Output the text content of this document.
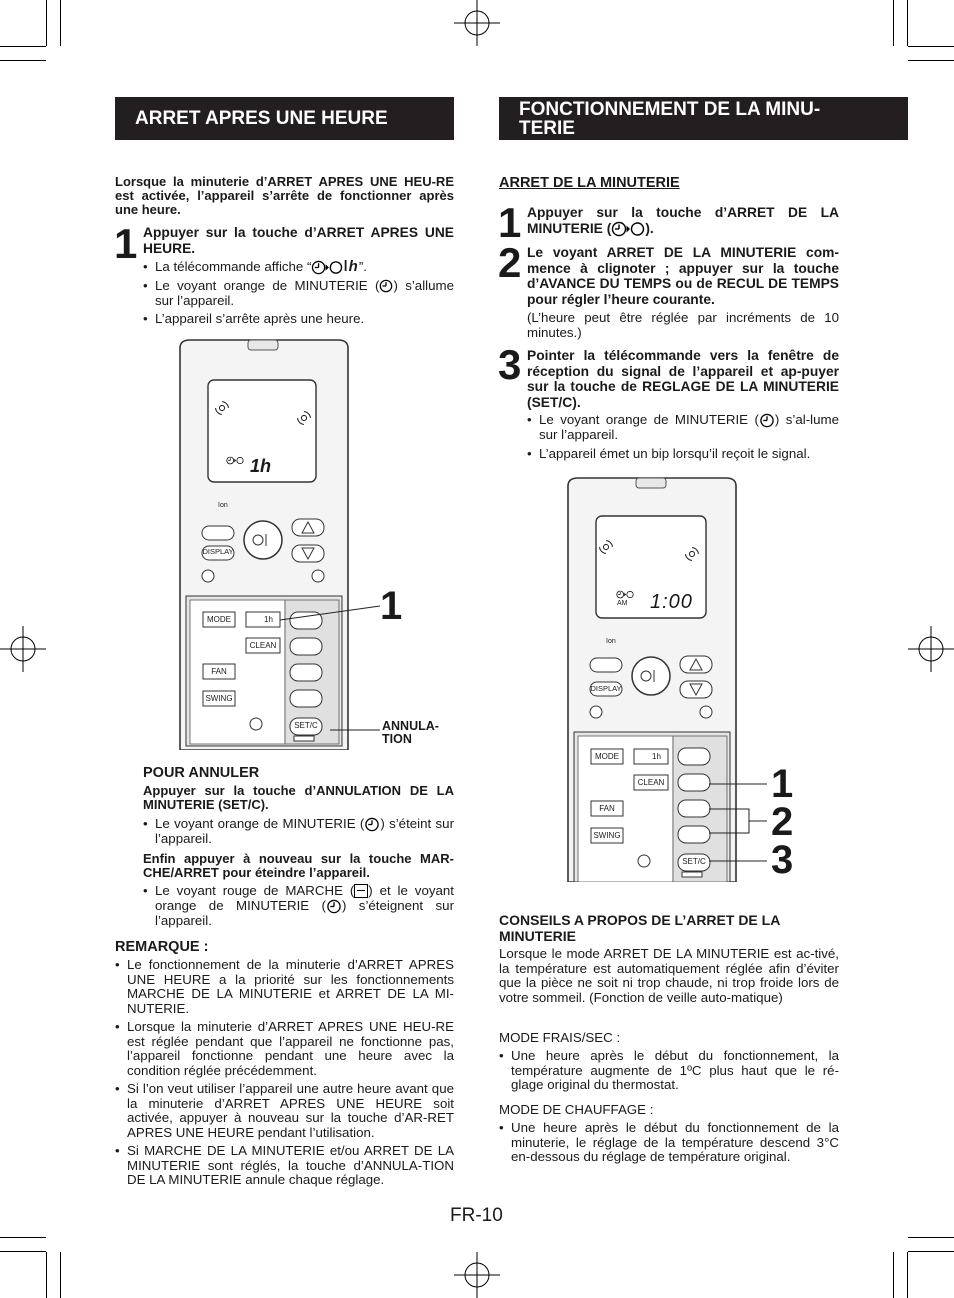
ARRET APRES UNE HEURE
Lorsque la minuterie d’ARRET APRES UNE HEU-RE est activée, l’appareil s’arrête de fonctionner après une heure.
1 Appuyer sur la touche d’ARRET APRES UNE HEURE.
• La télécommande affiche “ ǀh”.
• Le voyant orange de MINUTERIE ( ) s’allume sur l’appareil.
• L’appareil s’arrête après une heure.
1h
Ion
DISPLAY
MODE	1h
CLEAN
FAN
SWING
SET/C
1
ANNULA-
TION
POUR ANNULER
Appuyer sur la touche d’ANNULATION DE LA MINUTERIE (SET/C).
• Le voyant orange de MINUTERIE ( ) s’éteint sur l’appareil.
Enfin appuyer à nouveau sur la touche MAR-CHE/ARRET pour éteindre l’appareil.
• Le voyant rouge de MARCHE ( ) et le voyant orange de MINUTERIE ( ) s’éteignent sur l’appareil.
REMARQUE :
• Le fonctionnement de la minuterie d’ARRET APRES UNE HEURE a la priorité sur les fonctionnements MARCHE DE LA MINUTERIE et ARRET DE LA MI-NUTERIE.
• Lorsque la minuterie d’ARRET APRES UNE HEU-RE est réglée pendant que l’appareil ne fonctionne pas, l’appareil fonctionne pendant une heure avec la condition réglée précédemment.
• Si l’on veut utiliser l’appareil une autre heure avant que la minuterie d’ARRET APRES UNE HEURE soit activée, appuyer à nouveau sur la touche d’AR-RET APRES UNE HEURE pendant l’utilisation.
• Si MARCHE DE LA MINUTERIE et/ou ARRET DE LA MINUTERIE sont réglés, la touche d’ANNULA-TION DE LA MINUTERIE annule chaque réglage.
FONCTIONNEMENT DE LA MINU-TERIE
ARRET DE LA MINUTERIE
1 Appuyer sur la touche d’ARRET DE LA MINUTERIE ( ).
2 Le voyant ARRET DE LA MINUTERIE com-mence à clignoter ; appuyer sur la touche d’AVANCE DU TEMPS ou de RECUL DE TEMPS pour régler l’heure courante.
(L’heure peut être réglée par incréments de 10 minutes.)
3 Pointer la télécommande vers la fenêtre de réception du signal de l’appareil et ap-puyer sur la touche de REGLAGE DE LA MINUTERIE (SET/C).
• Le voyant orange de MINUTERIE ( ) s’al-lume sur l’appareil.
• L’appareil émet un bip lorsqu’il reçoit le signal.
AM 1:00
Ion
DISPLAY
MODE	1h
CLEAN
FAN
SWING
SET/C
1
2
3
CONSEILS A PROPOS DE L’ARRET DE LA MINUTERIE
Lorsque le mode ARRET DE LA MINUTERIE est ac-tivé, la température est automatiquement réglée afin d’éviter que la pièce ne soit ni trop chaude, ni trop froide lors de votre sommeil. (Fonction de veille auto-matique)
MODE FRAIS/SEC :
• Une heure après le début du fonctionnement, la température augmente de 1ºC plus haut que le ré-glage original du thermostat.
MODE DE CHAUFFAGE :
• Une heure après le début du fonctionnement de la minuterie, le réglage de la température descend 3°C en-dessous du réglage de température original.
FR-10
